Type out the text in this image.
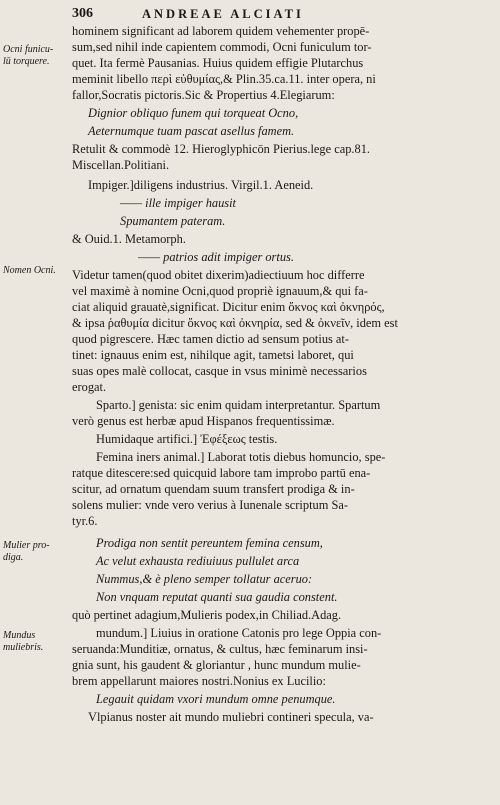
306	ANDREAE ALCIATI
Ocni funicu-
lū torquere.
Nomen Ocni.
Mulier pro-
diga.
Mundus
muliebris.
hominem significant ad laborem quidem vehementer propē-
sum,sed nihil inde capientem commodi, Ocni funiculum tor-
quet. Ita fermè Pausanias. Huius quidem effigie Plutarchus
meminit libello περὶ εὐθυμίας,& Plin.35.ca.11. inter opera, ni
fallor,Socratis pictoris.Sic & Propertius 4.Elegiarum:
Dignior obliquo funem qui torqueat Ocno,
Aeternumque tuam pascat asellus famem.
Retulit & commodè 12. Hieroglyphicōn Pierius.lege cap.81.
Miscellan.Politiani.
Impiger.]diligens industrius. Virgil.1. Aeneid.
—— ille impiger hausit
Spumantem pateram.
& Ouid.1. Metamorph.
—— patrios adit impiger ortus.
Videtur tamen(quod obitet dixerim)adiectiuum hoc differre
vel maximè à nomine Ocni,quod propriè ignauum,& qui fa-
ciat aliquid grauatè,significat. Dicitur enim ὄκνος καὶ ὀκνηρός,
& ipsa ῥαθυμία dicitur ὄκνος καὶ ὀκνηρία, sed & ὀκνεῖν, idem est
quod pigrescere. Hæc tamen dictio ad sensum potius at-
tinet: ignauus enim est, nihilque agit, tametsi laboret, qui
suas opes malè collocat, casque in vsus minimè necessarios
erogat.
Sparto.] genista: sic enim quidam interpretantur. Spartum
verò genus est herbæ apud Hispanos frequentissimæ.
Humidaque artifici.] Ἐφέξεως testis.
Femina iners animal.] Laborat totis diebus homuncio, spe-
ratque ditescere:sed quicquid labore tam improbo partū ena-
scitur, ad ornatum quendam suum transfert prodiga & in-
solens mulier: vnde vero verius à Iunenale scriptum Sa-
tyr.6.
Prodiga non sentit pereuntem femina censum,
Ac velut exhausta rediuiuus pullulet arca
Nummus,& è pleno semper tollatur aceruo:
Non vnquam reputat quanti sua gaudia constent.
quò pertinet adagium,Mulieris podex,in Chiliad.Adag.
mundum.] Liuius in oratione Catonis pro lege Oppia con-
seruanda:Munditiæ, ornatus, & cultus, hæc feminarum insi-
gnia sunt, his gaudent & gloriantur , hunc mundum mulie-
brem appellarunt maiores nostri.Nonius ex Lucilio:
Legauit quidam vxori mundum omne penumque.
Vlpianus noster ait mundo muliebri contineri specula, va-
